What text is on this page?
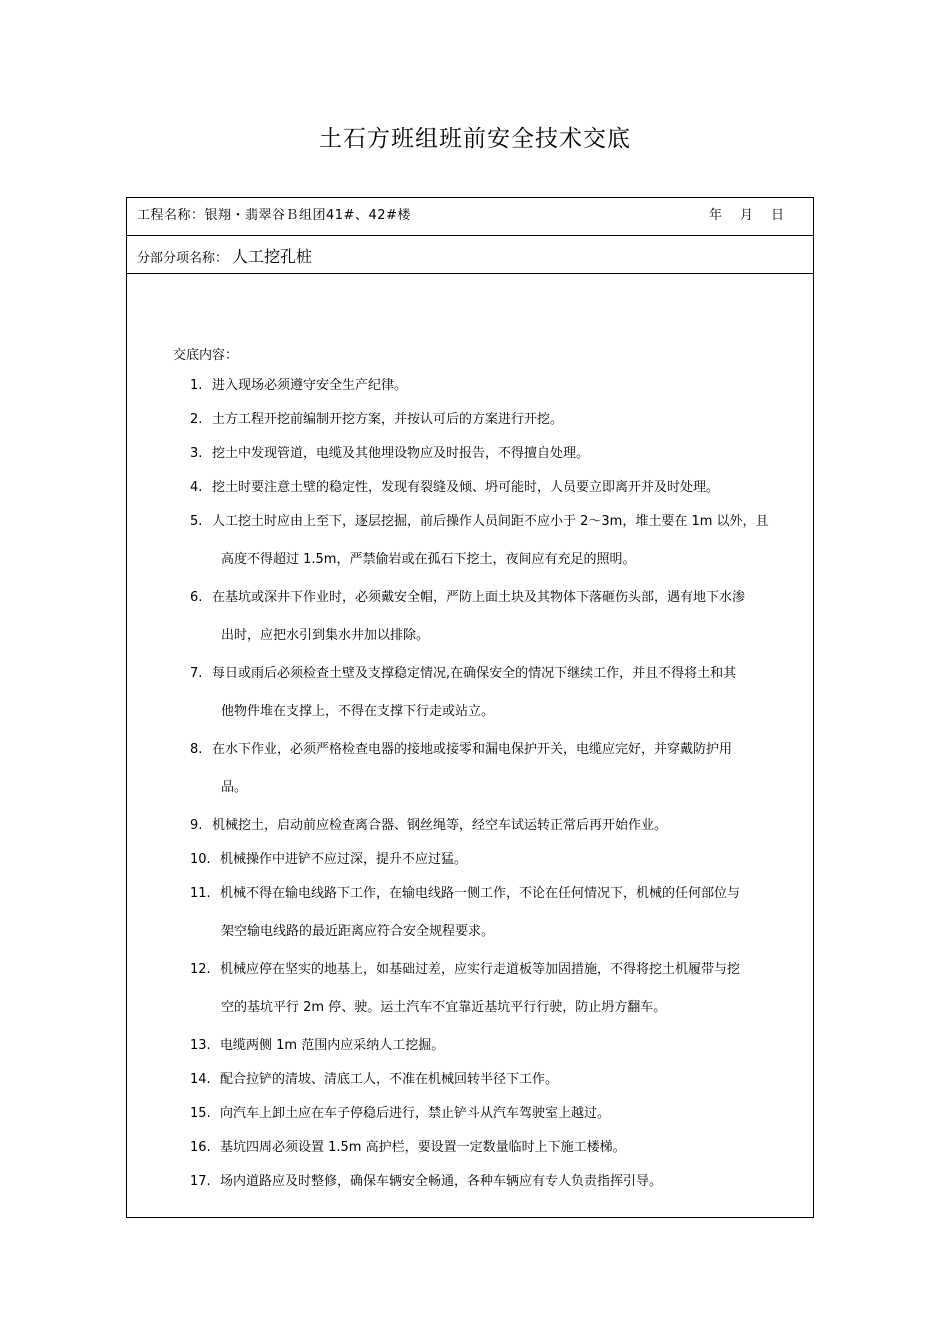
土石方班组班前安全技术交底
工程名称：银翔・翡翠谷Ｂ组团41#、42#楼	年 月 日
分部分项名称： 人工挖孔桩
交底内容：
1. 进入现场必须遵守安全生产纪律。
2. 土方工程开挖前编制开挖方案，并按认可后的方案进行开挖。
3. 挖土中发现管道，电缆及其他埋设物应及时报告，不得擅自处理。
4. 挖土时要注意土壁的稳定性，发现有裂缝及倾、坍可能时，人员要立即离开并及时处理。
5. 人工挖土时应由上至下，逐层挖掘，前后操作人员间距不应小于 2～3m，堆土要在 1m 以外，且
高度不得超过 1.5m，严禁偷岩或在孤石下挖土，夜间应有充足的照明。
6. 在基坑或深井下作业时，必须戴安全帽，严防上面土块及其物体下落砸伤头部，遇有地下水渗
出时，应把水引到集水井加以排除。
7. 每日或雨后必须检查土壁及支撑稳定情况,在确保安全的情况下继续工作，并且不得将土和其
他物件堆在支撑上，不得在支撑下行走或站立。
8. 在水下作业，必须严格检查电器的接地或接零和漏电保护开关，电缆应完好，并穿戴防护用
品。
9. 机械挖土，启动前应检查离合器、钢丝绳等，经空车试运转正常后再开始作业。
10. 机械操作中进铲不应过深，提升不应过猛。
11. 机械不得在输电线路下工作，在输电线路一侧工作，不论在任何情况下，机械的任何部位与
架空输电线路的最近距离应符合安全规程要求。
12. 机械应停在坚实的地基上，如基础过差，应实行走道板等加固措施，不得将挖土机履带与挖
空的基坑平行 2m 停、驶。运土汽车不宜靠近基坑平行行驶，防止坍方翻车。
13. 电缆两侧 1m 范围内应采纳人工挖掘。
14. 配合拉铲的清坡、清底工人，不准在机械回转半径下工作。
15. 向汽车上卸土应在车子停稳后进行，禁止铲斗从汽车驾驶室上越过。
16. 基坑四周必须设置 1.5m 高护栏，要设置一定数量临时上下施工楼梯。
17. 场内道路应及时整修，确保车辆安全畅通，各种车辆应有专人负责指挥引导。
